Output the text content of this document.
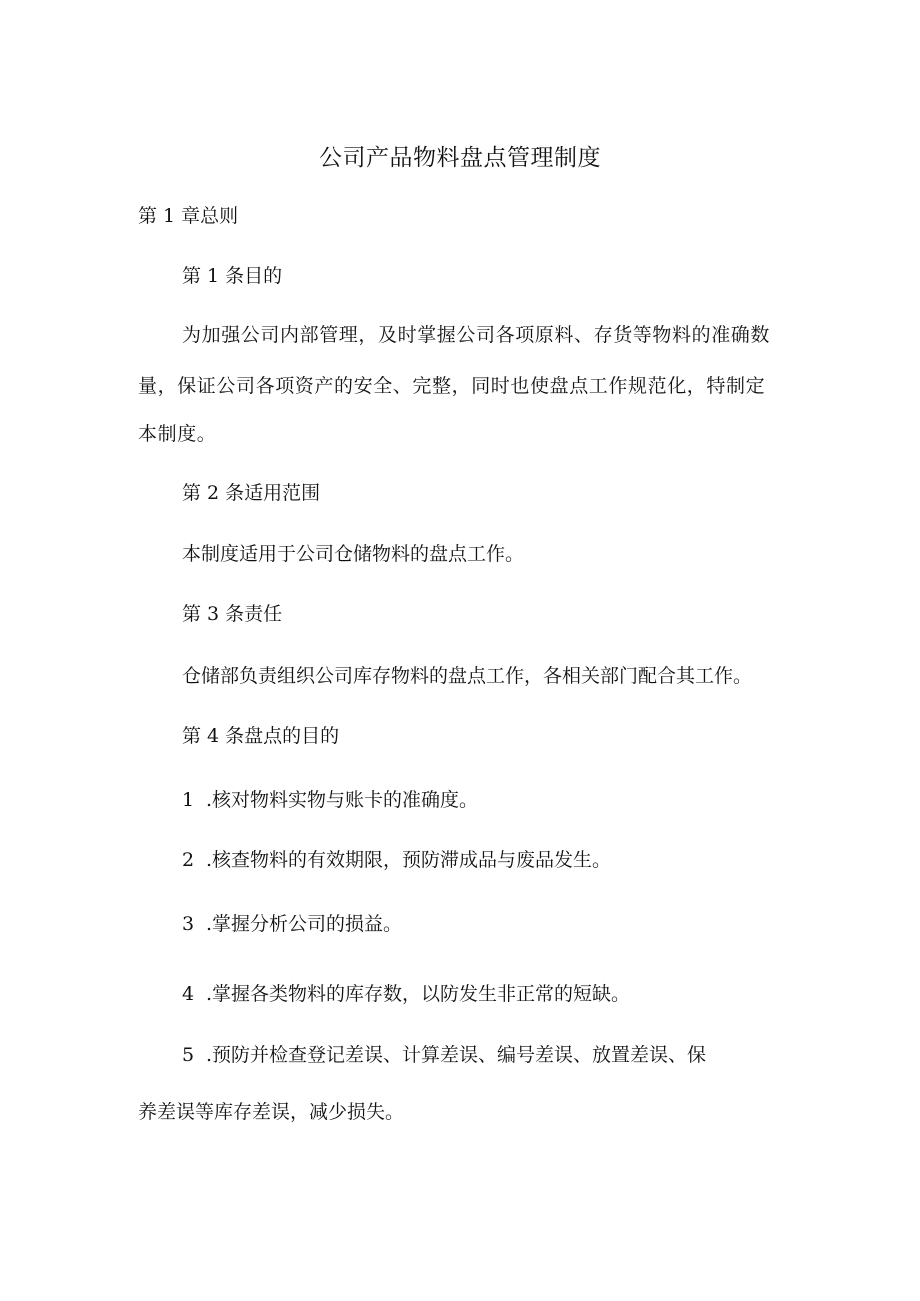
公司产品物料盘点管理制度
第 1 章总则
第 1 条目的
为加强公司内部管理，及时掌握公司各项原料、存货等物料的准确数
量，保证公司各项资产的安全、完整，同时也使盘点工作规范化，特制定
本制度。
第 2 条适用范围
本制度适用于公司仓储物料的盘点工作。
第 3 条责任
仓储部负责组织公司库存物料的盘点工作，各相关部门配合其工作。
第 4 条盘点的目的
1 .核对物料实物与账卡的准确度。
2 .核查物料的有效期限，预防滞成品与废品发生。
3 .掌握分析公司的损益。
4 .掌握各类物料的库存数，以防发生非正常的短缺。
5 .预防并检查登记差误、计算差误、编号差误、放置差误、保
养差误等库存差误，减少损失。
